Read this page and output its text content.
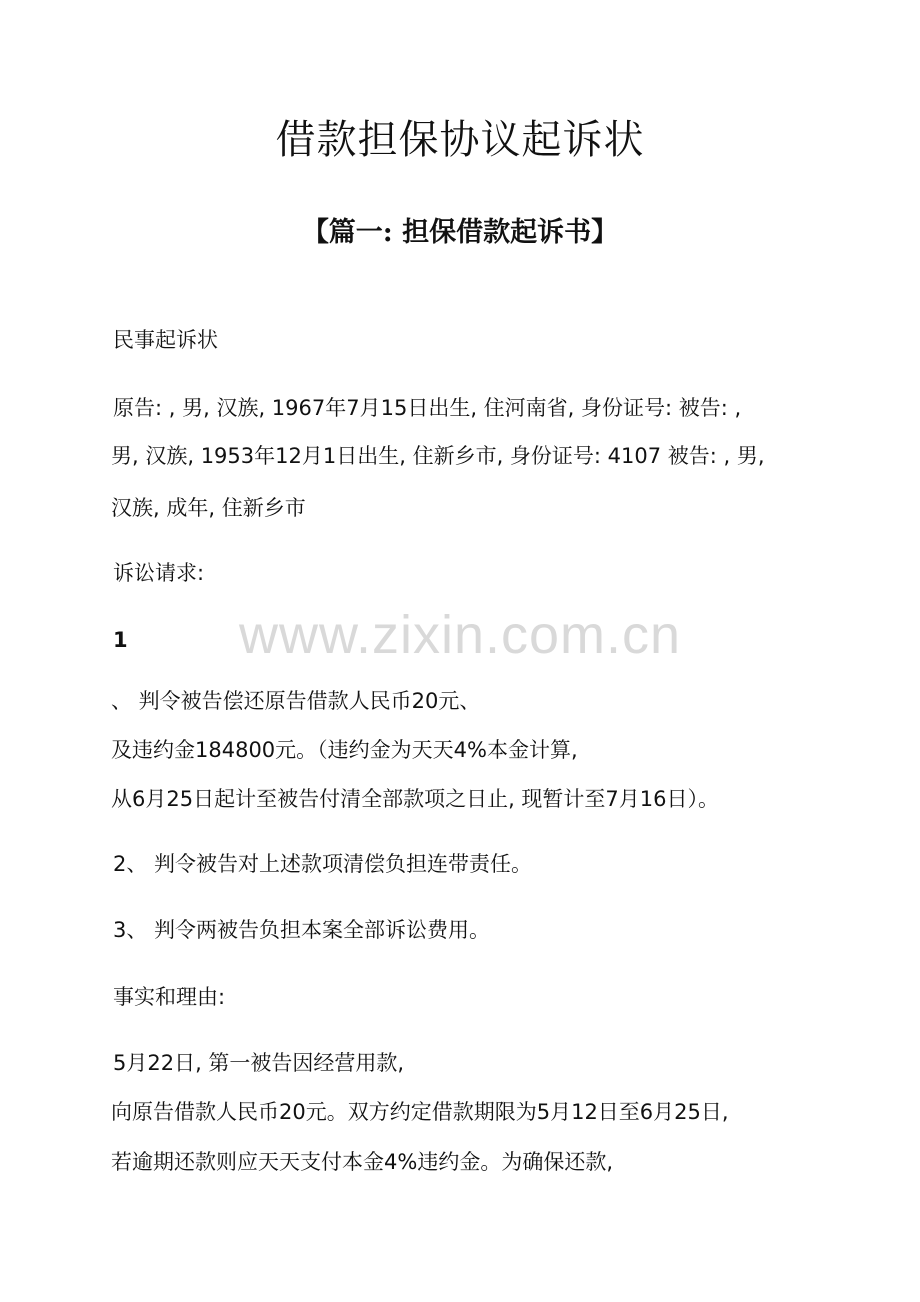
借款担保协议起诉状
【篇一: 担保借款起诉书】
www.zixin.com.cn

民事起诉状

原告: , 男, 汉族, 1967年7月15日出生, 住河南省, 身份证号: 被告: ,

男, 汉族, 1953年12月1日出生, 住新乡市, 身份证号: 4107 被告: , 男,

汉族, 成年, 住新乡市

诉讼请求:

1

、 判令被告偿还原告借款人民币20元、

及违约金184800元。（违约金为天天4%本金计算,

从6月25日起计至被告付清全部款项之日止, 现暂计至7月16日）。

2、 判令被告对上述款项清偿负担连带责任。

3、 判令两被告负担本案全部诉讼费用。

事实和理由:

5月22日, 第一被告因经营用款,

向原告借款人民币20元。双方约定借款期限为5月12日至6月25日,

若逾期还款则应天天支付本金4%违约金。为确保还款,
